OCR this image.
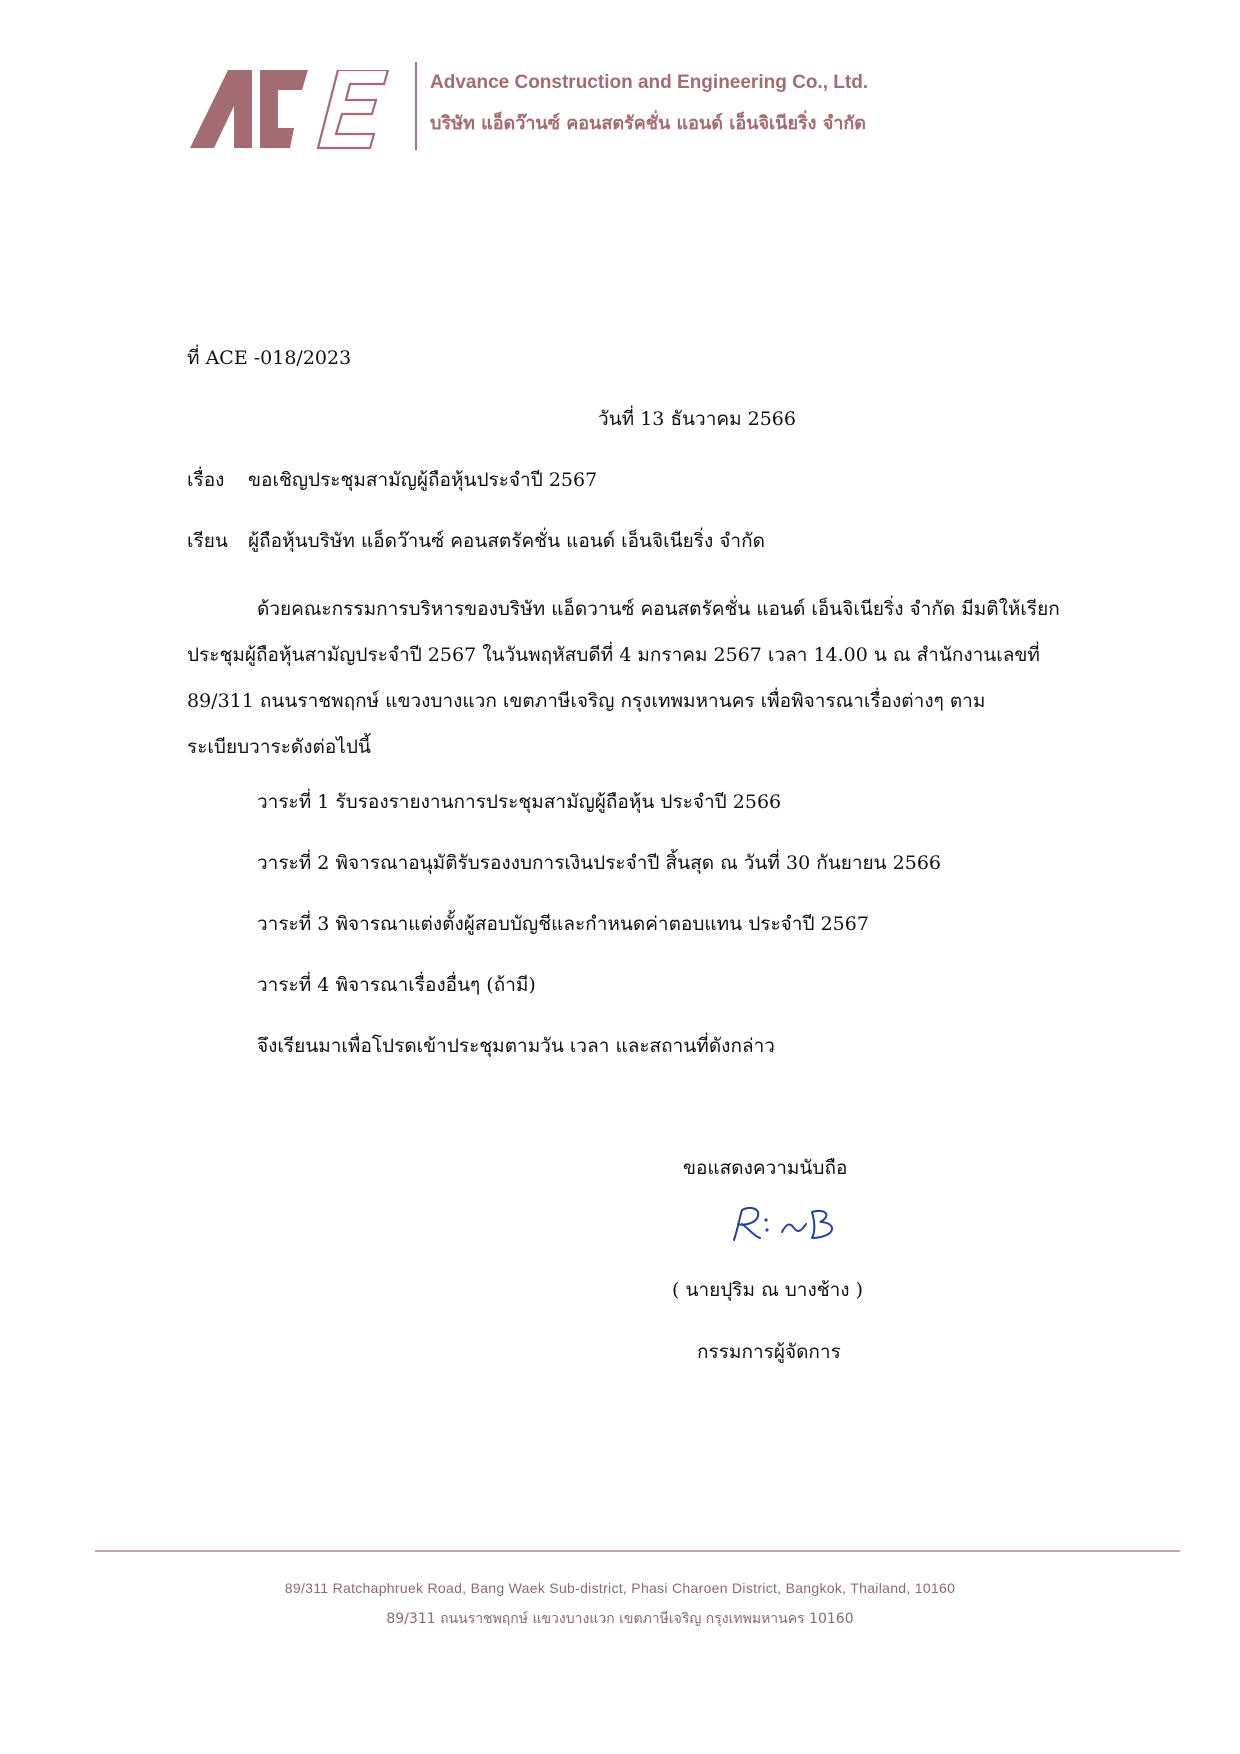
Advance Construction and Engineering Co., Ltd.
บริษัท แอ็ดว๊านซ์ คอนสตรัคชั่น แอนด์ เอ็นจิเนียริ่ง จำกัด
ที่ ACE -018/2023
วันที่ 13 ธันวาคม 2566
เรื่อง ขอเชิญประชุมสามัญผู้ถือหุ้นประจำปี 2567
เรียน ผู้ถือหุ้นบริษัท แอ็ดว๊านซ์ คอนสตรัคชั่น แอนด์ เอ็นจิเนียริ่ง จำกัด
ด้วยคณะกรรมการบริหารของบริษัท แอ็ดวานซ์ คอนสตรัคชั่น แอนด์ เอ็นจิเนียริ่ง จำกัด มีมติให้เรียกประชุมผู้ถือหุ้นสามัญประจำปี 2567 ในวันพฤหัสบดีที่ 4 มกราคม 2567 เวลา 14.00 น ณ สำนักงานเลขที่ 89/311 ถนนราชพฤกษ์ แขวงบางแวก เขตภาษีเจริญ กรุงเทพมหานคร เพื่อพิจารณาเรื่องต่างๆ ตามระเบียบวาระดังต่อไปนี้
วาระที่ 1 รับรองรายงานการประชุมสามัญผู้ถือหุ้น ประจำปี 2566
วาระที่ 2 พิจารณาอนุมัติรับรองงบการเงินประจำปี สิ้นสุด ณ วันที่ 30 กันยายน 2566
วาระที่ 3 พิจารณาแต่งตั้งผู้สอบบัญชีและกำหนดค่าตอบแทน ประจำปี 2567
วาระที่ 4 พิจารณาเรื่องอื่นๆ (ถ้ามี)
จึงเรียนมาเพื่อโปรดเข้าประชุมตามวัน เวลา และสถานที่ดังกล่าว
ขอแสดงความนับถือ
( นายปุริม ณ บางช้าง )
กรรมการผู้จัดการ
89/311 Ratchaphruek Road, Bang Waek Sub-district, Phasi Charoen District, Bangkok, Thailand, 10160
89/311 ถนนราชพฤกษ์ แขวงบางแวก เขตภาษีเจริญ กรุงเทพมหานคร 10160
